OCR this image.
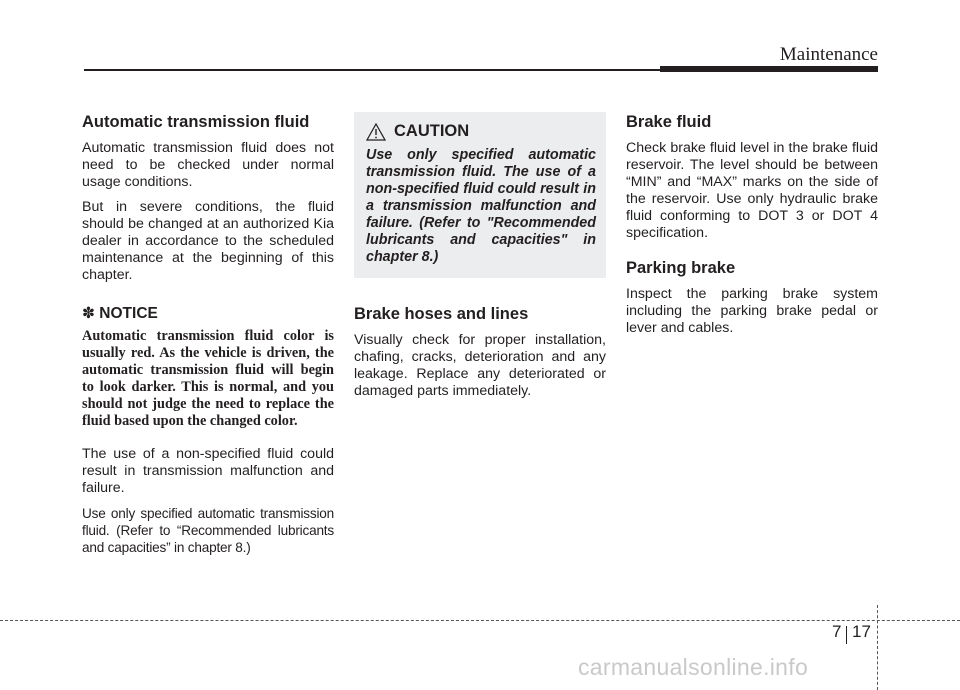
Maintenance
Automatic transmission fluid

Automatic transmission fluid does not need to be checked under normal usage conditions.

But in severe conditions, the fluid should be changed at an authorized Kia dealer in accordance to the scheduled maintenance at the beginning of this chapter.

✽ NOTICE

Automatic transmission fluid color is usually red. As the vehicle is driven, the automatic transmission fluid will begin to look darker. This is normal, and you should not judge the need to replace the fluid based upon the changed color.

The use of a non-specified fluid could result in transmission malfunction and failure.

Use only specified automatic transmission fluid. (Refer to “Recommended lubricants and capacities” in chapter 8.)

CAUTION

Use only specified automatic transmission fluid. The use of a non-specified fluid could result in a transmission malfunction and failure. (Refer to "Recommended lubricants and capacities" in chapter 8.)

Brake hoses and lines

Visually check for proper installation, chafing, cracks, deterioration and any leakage. Replace any deteriorated or damaged parts immediately.

Brake fluid

Check brake fluid level in the brake fluid reservoir. The level should be between “MIN” and “MAX” marks on the side of the reservoir. Use only hydraulic brake fluid conforming to DOT 3 or DOT 4 specification.

Parking brake

Inspect the parking brake system including the parking brake pedal or lever and cables.

7 17
carmanualsonline.info
